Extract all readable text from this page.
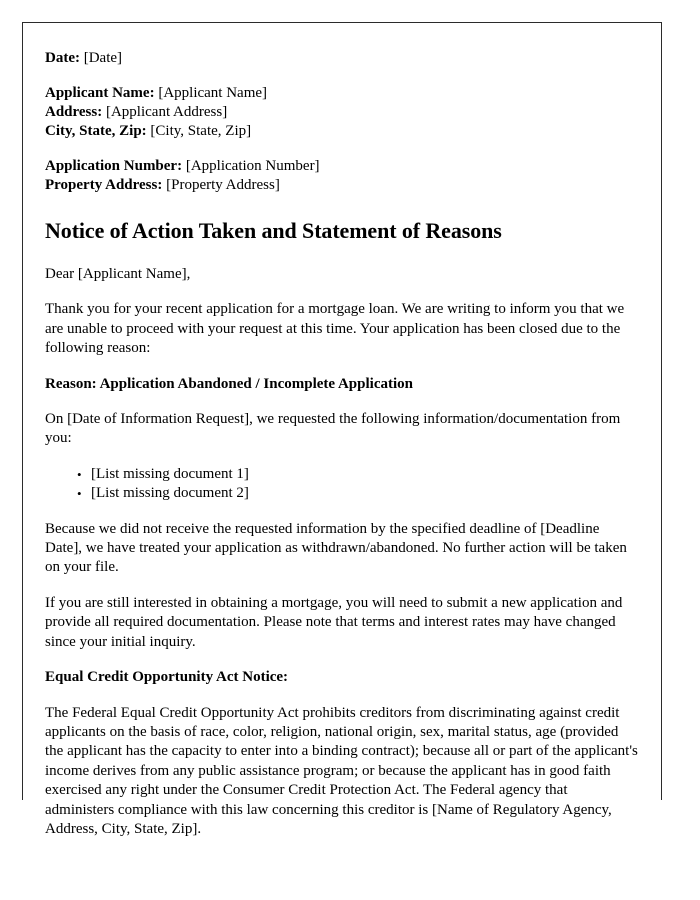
Date: [Date]

Applicant Name: [Applicant Name]

Address: [Applicant Address]

City, State, Zip: [City, State, Zip]

Application Number: [Application Number]

Property Address: [Property Address]

Notice of Action Taken and Statement of Reasons

Dear [Applicant Name],

Thank you for your recent application for a mortgage loan. We are writing to inform you that we are unable to proceed with your request at this time. Your application has been closed due to the following reason:

Reason: Application Abandoned / Incomplete Application

On [Date of Information Request], we requested the following information/documentation from you:

• [List missing document 1]
• [List missing document 2]

Because we did not receive the requested information by the specified deadline of [Deadline Date], we have treated your application as withdrawn/abandoned. No further action will be taken on your file.

If you are still interested in obtaining a mortgage, you will need to submit a new application and provide all required documentation. Please note that terms and interest rates may have changed since your initial inquiry.

Equal Credit Opportunity Act Notice:

The Federal Equal Credit Opportunity Act prohibits creditors from discriminating against credit applicants on the basis of race, color, religion, national origin, sex, marital status, age (provided the applicant has the capacity to enter into a binding contract); because all or part of the applicant's income derives from any public assistance program; or because the applicant has in good faith exercised any right under the Consumer Credit Protection Act. The Federal agency that administers compliance with this law concerning this creditor is [Name of Regulatory Agency, Address, City, State, Zip].
